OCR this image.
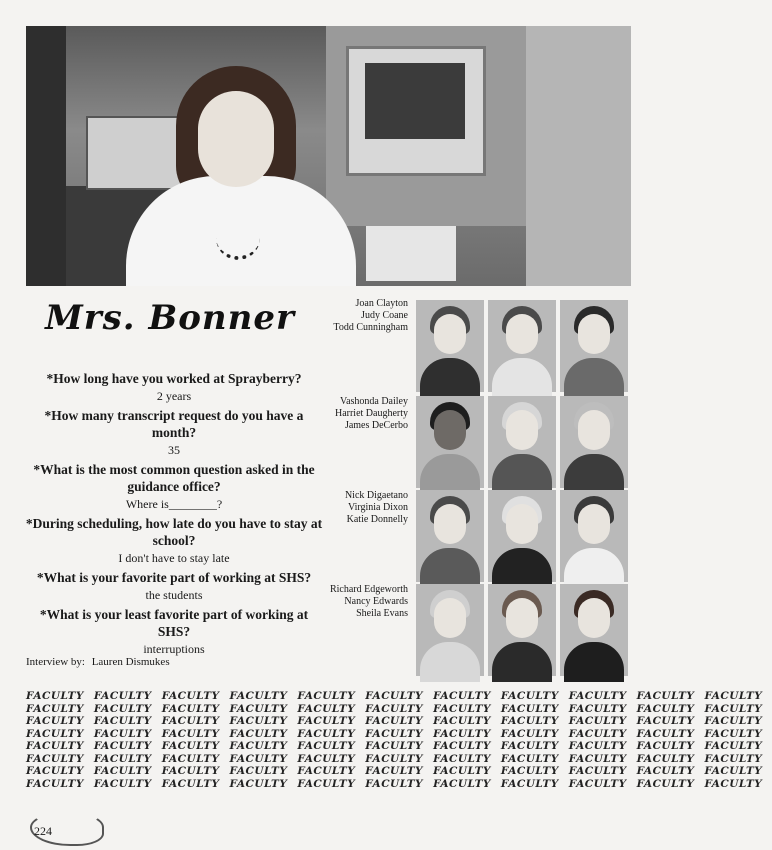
Mrs. Bonner

*How long have you worked at Sprayberry?

2 years

*How many transcript request do you have a month?

35

*What is the most common question asked in the guidance office?

Where is________?

*During scheduling, how late do you have to stay at school?

I don't have to stay late

*What is your favorite part of working at SHS?

the students

*What is your least favorite part of working at SHS?

interruptions

Interview by: Lauren Dismukes
Joan Clayton
Judy Coane
Todd Cunningham
Vashonda Dailey
Harriet Daugherty
James DeCerbo
Nick Digaetano
Virginia Dixon
Katie Donnelly
Richard Edgeworth
Nancy Edwards
Sheila Evans
FACULTY FACULTY FACULTY FACULTY FACULTY FACULTY FACULTY FACULTY FACULTY FACULTY FACULTY
FACULTY FACULTY FACULTY FACULTY FACULTY FACULTY FACULTY FACULTY FACULTY FACULTY FACULTY
FACULTY FACULTY FACULTY FACULTY FACULTY FACULTY FACULTY FACULTY FACULTY FACULTY FACULTY
FACULTY FACULTY FACULTY FACULTY FACULTY FACULTY FACULTY FACULTY FACULTY FACULTY FACULTY
FACULTY FACULTY FACULTY FACULTY FACULTY FACULTY FACULTY FACULTY FACULTY FACULTY FACULTY
FACULTY FACULTY FACULTY FACULTY FACULTY FACULTY FACULTY FACULTY FACULTY FACULTY FACULTY
FACULTY FACULTY FACULTY FACULTY FACULTY FACULTY FACULTY FACULTY FACULTY FACULTY FACULTY
FACULTY FACULTY FACULTY FACULTY FACULTY FACULTY FACULTY FACULTY FACULTY FACULTY FACULTY
224
